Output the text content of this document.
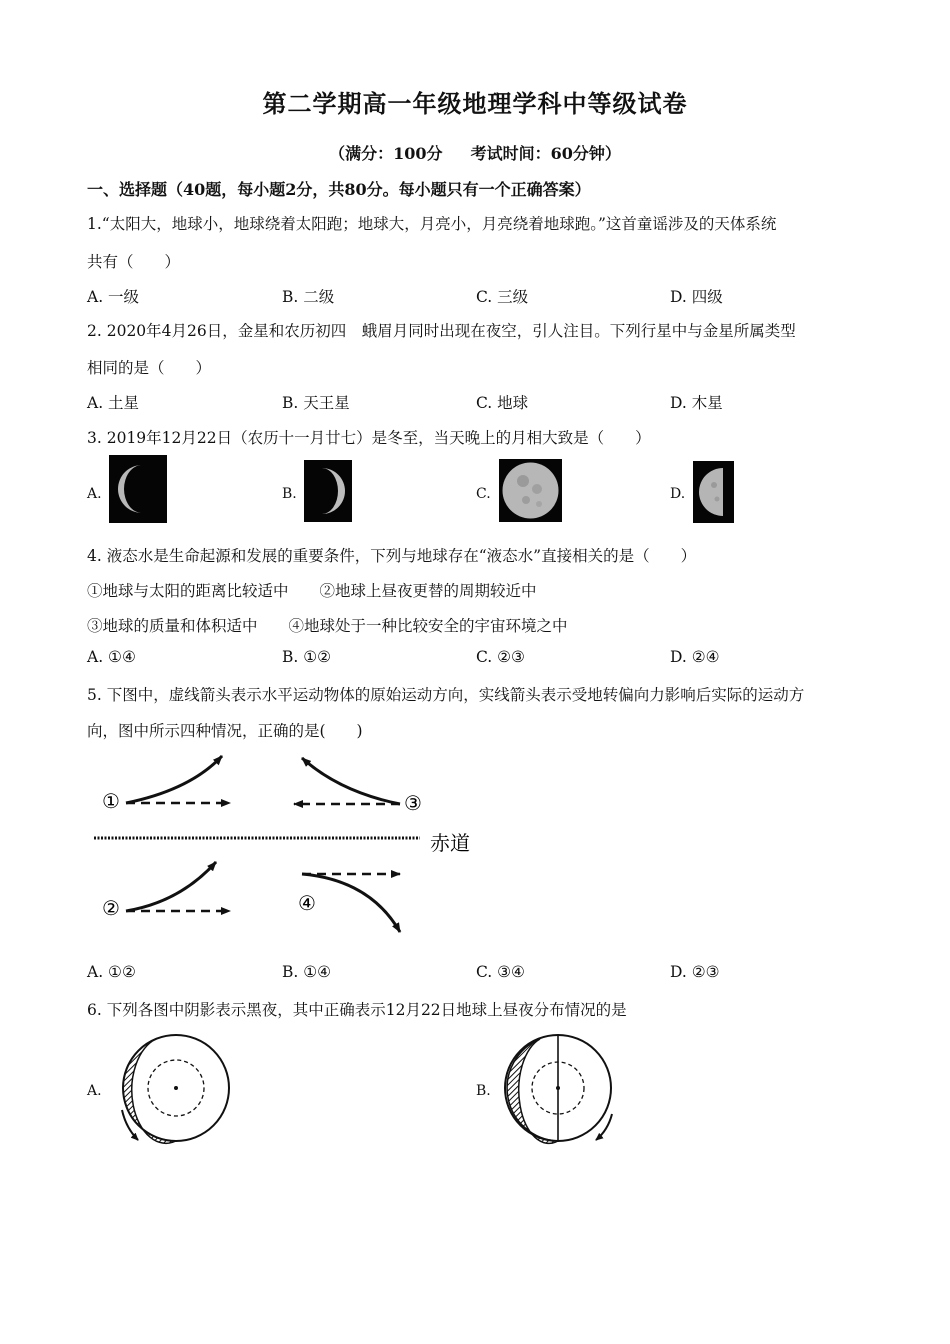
第二学期高一年级地理学科中等级试卷
（满分：100分 考试时间：60分钟）
一、选择题（40题，每小题2分，共80分。每小题只有一个正确答案）
1.“太阳大，地球小，地球绕着太阳跑；地球大，月亮小，月亮绕着地球跑。”这首童谣涉及的天体系统
共有（　　）
A. 一级	B. 二级	C. 三级	D. 四级
2. 2020年4月26日，金星和农历初四　蛾眉月同时出现在夜空，引人注目。下列行星中与金星所属类型
相同的是（　　）
A. 土星	B. 天王星	C. 地球	D. 木星
3. 2019年12月22日（农历十一月廿七）是冬至，当天晚上的月相大致是（　　）
A.	B.	C.	D.
4. 液态水是生命起源和发展的重要条件，下列与地球存在“液态水”直接相关的是（　　）
①地球与太阳的距离比较适中　　②地球上昼夜更替的周期较近中
③地球的质量和体积适中　　④地球处于一种比较安全的宇宙环境之中
A. ①④	B. ①②	C. ②③	D. ②④
5. 下图中，虚线箭头表示水平运动物体的原始运动方向，实线箭头表示受地转偏向力影响后实际的运动方
向，图中所示四种情况，正确的是(　　)
赤道
①	③
②	④
A. ①②	B. ①④	C. ③④	D. ②③
6. 下列各图中阴影表示黑夜，其中正确表示12月22日地球上昼夜分布情况的是
A.	B.
